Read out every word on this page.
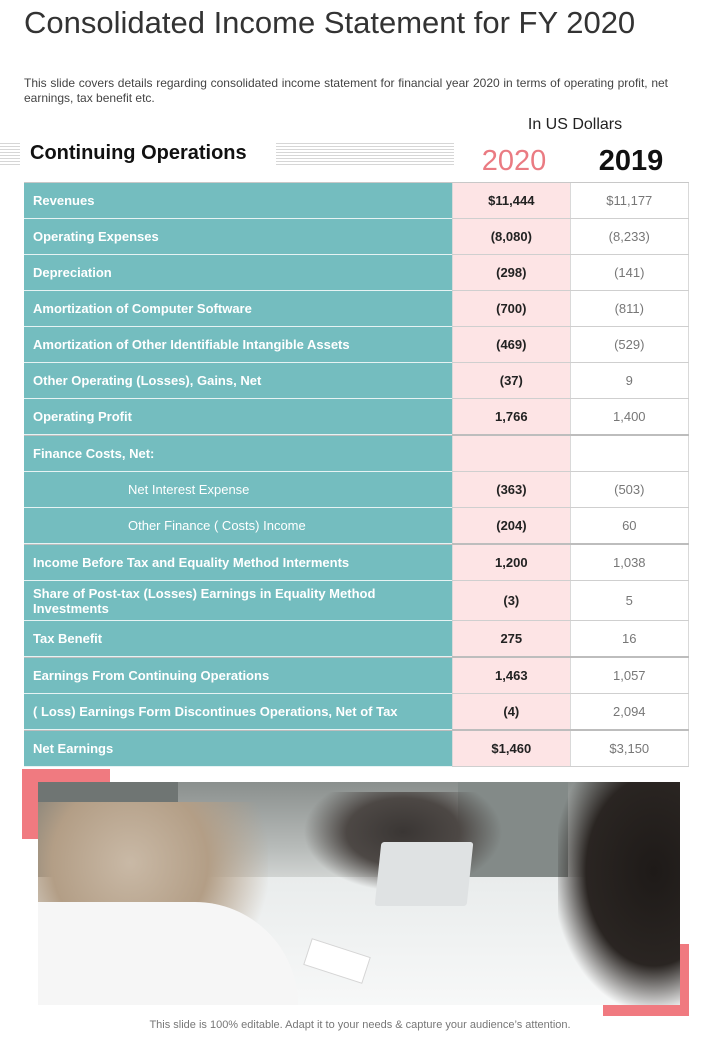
Consolidated Income Statement for FY 2020
This slide covers details regarding consolidated income statement for financial year 2020 in terms of operating profit, net earnings, tax benefit etc.
In US Dollars
Continuing Operations	2020	2019
Revenues	$11,444	$11,177
Operating Expenses	(8,080)	(8,233)
Depreciation	(298)	(141)
Amortization of Computer Software	(700)	(811)
Amortization of Other Identifiable Intangible Assets	(469)	(529)
Other Operating (Losses), Gains, Net	(37)	9
Operating Profit	1,766	1,400
Finance Costs, Net:
Net Interest Expense	(363)	(503)
Other Finance ( Costs) Income	(204)	60
Income Before Tax and Equality Method Interments	1,200	1,038
Share of Post-tax (Losses) Earnings in Equality Method Investments	(3)	5
Tax Benefit	275	16
Earnings From Continuing Operations	1,463	1,057
( Loss) Earnings Form Discontinues Operations, Net of Tax	(4)	2,094
Net Earnings	$1,460	$3,150
This slide is 100% editable. Adapt it to your needs & capture your audience’s attention.
